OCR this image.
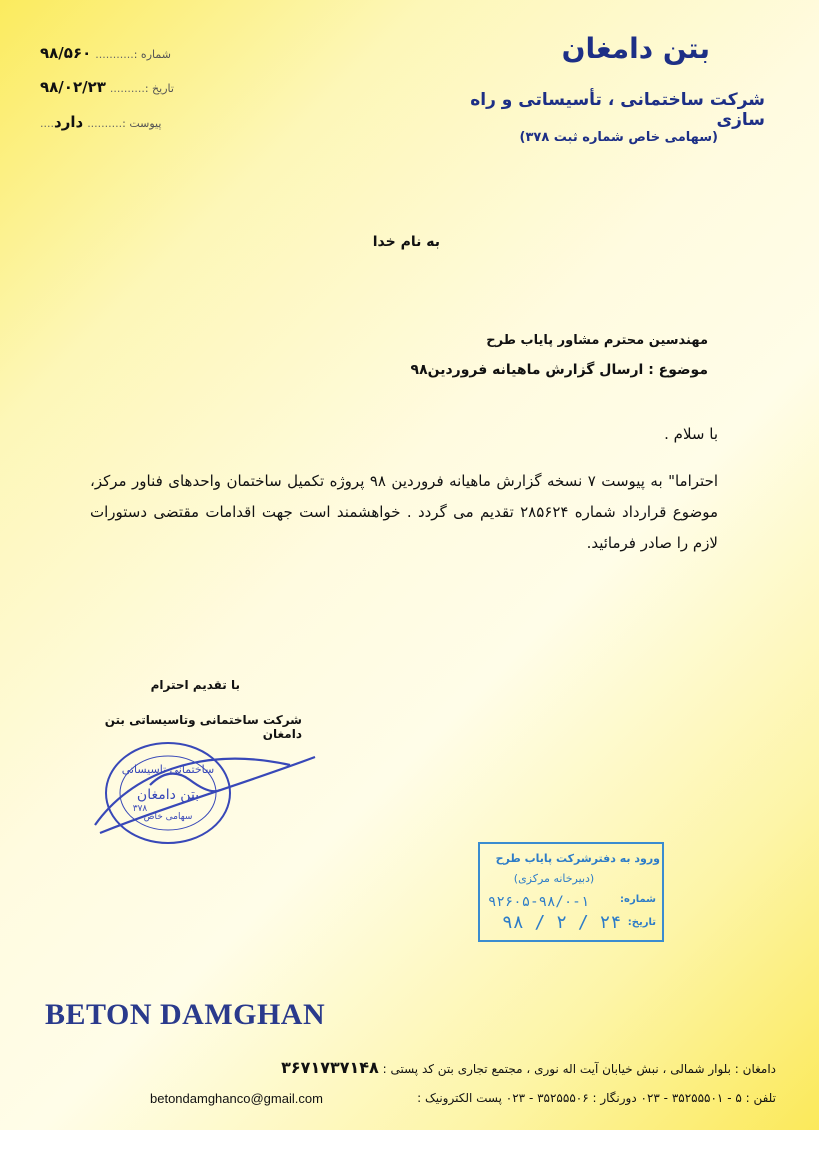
بتن دامغان
شرکت ساختمانی ، تأسیساتی و راه سازی
(سهامی خاص شماره ثبت ۳۷۸)
۹۸/۵۶۰ ........... شماره :
۹۸/۰۲/۲۳ .......... تاریخ :
.... دارد .......... پیوست :
به نام خدا
مهندسین محترم مشاور پایاب طرح
موضوع : ارسال گزارش ماهیانه فروردین۹۸
با سلام .
احتراما" به پیوست ۷ نسخه گزارش ماهیانه فروردین ۹۸ پروژه تکمیل ساختمان واحدهای فناور مرکز، موضوع قرارداد شماره ۲۸۵۶۲۴ تقدیم می گردد . خواهشمند است جهت اقدامات مقتضی دستورات لازم را صادر فرمائید.
با تقدیم احترام
شرکت ساختمانی وتاسیساتی بتن دامغان
ساختمانی تاسیساتی
بتن دامغان
سهامی خاص
۳۷۸
ورود به دفترشرکت پایاب طرح
(دبیرخانه مرکزی)
شماره:
۹۲۶۰۵-۹۸/۰-۱
تاریخ:
۹۸ / ۲ / ۲۴
BETON DAMGHAN
دامغان : بلوار شمالی ، نبش خیابان آیت اله نوری ، مجتمع تجاری بتن کد پستی : ۳۶۷۱۷۳۷۱۴۸
betondamghanco@gmail.com	تلفن : ۵ - ۳۵۲۵۵۵۰۱ - ۰۲۳ دورنگار : ۳۵۲۵۵۵۰۶ - ۰۲۳ پست الکترونیک :
